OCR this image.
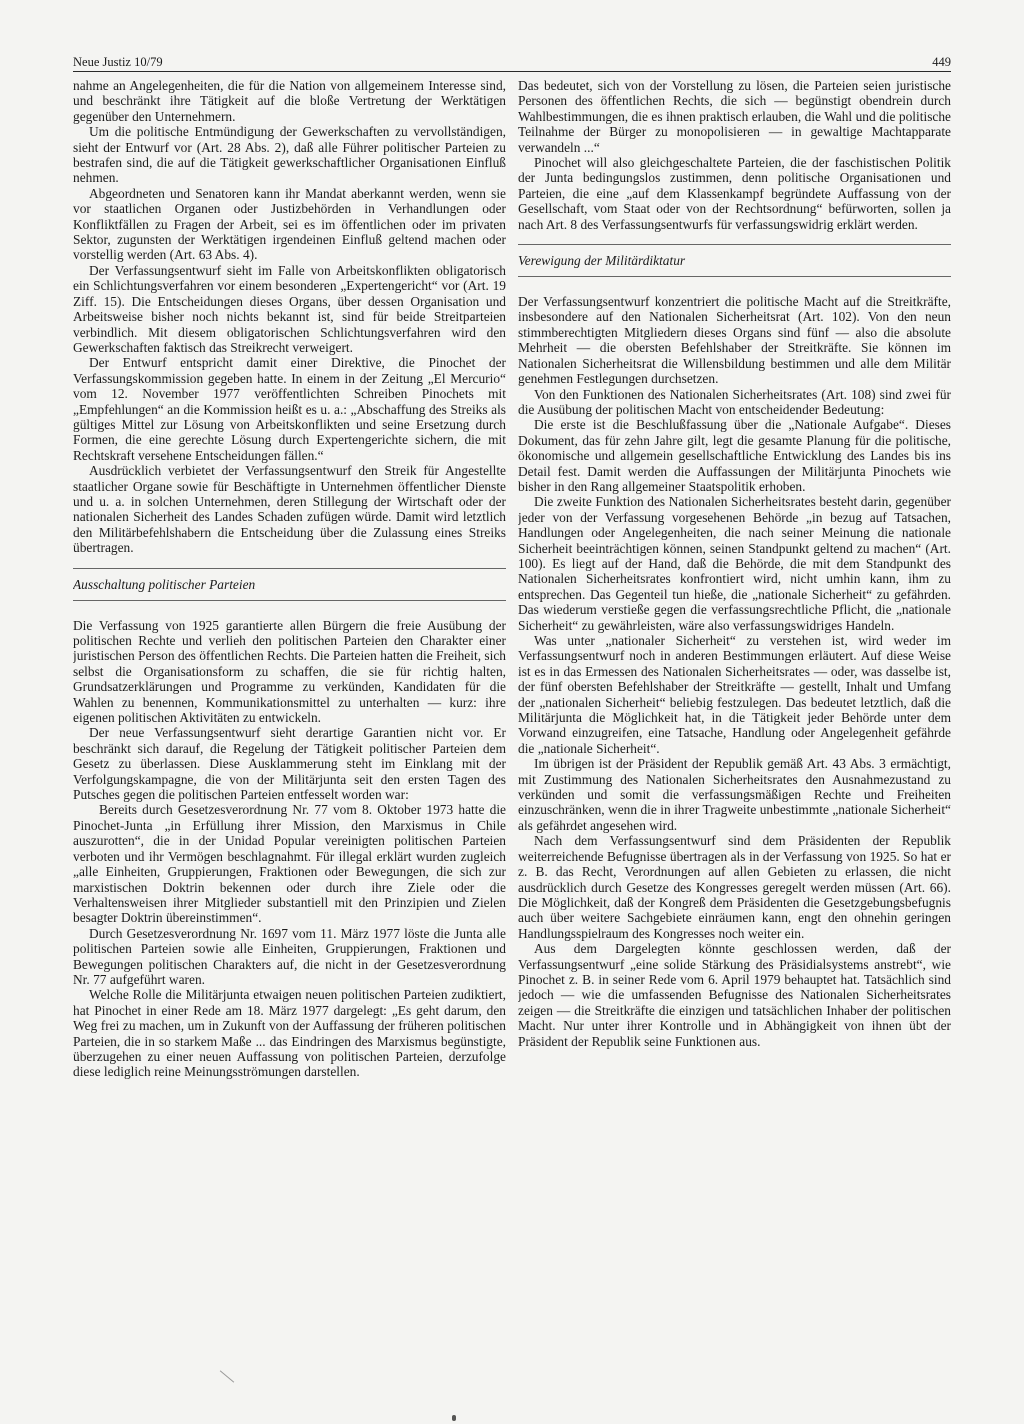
Neue Justiz 10/79	449

nahme an Angelegenheiten, die für die Nation von allgemeinem Interesse sind, und beschränkt ihre Tätigkeit auf die bloße Vertretung der Werktätigen gegenüber den Unternehmern.

Um die politische Entmündigung der Gewerkschaften zu vervollständigen, sieht der Entwurf vor (Art. 28 Abs. 2), daß alle Führer politischer Parteien zu bestrafen sind, die auf die Tätigkeit gewerkschaftlicher Organisationen Einfluß nehmen.

Abgeordneten und Senatoren kann ihr Mandat aberkannt werden, wenn sie vor staatlichen Organen oder Justizbehörden in Verhandlungen oder Konfliktfällen zu Fragen der Arbeit, sei es im öffentlichen oder im privaten Sektor, zugunsten der Werktätigen irgendeinen Einfluß geltend machen oder vorstellig werden (Art. 63 Abs. 4).

Der Verfassungsentwurf sieht im Falle von Arbeitskonflikten obligatorisch ein Schlichtungsverfahren vor einem besonderen „Expertengericht“ vor (Art. 19 Ziff. 15). Die Entscheidungen dieses Organs, über dessen Organisation und Arbeitsweise bisher noch nichts bekannt ist, sind für beide Streitparteien verbindlich. Mit diesem obligatorischen Schlichtungsverfahren wird den Gewerkschaften faktisch das Streikrecht verweigert.

Der Entwurf entspricht damit einer Direktive, die Pinochet der Verfassungskommission gegeben hatte. In einem in der Zeitung „El Mercurio“ vom 12. November 1977 veröffentlichten Schreiben Pinochets mit „Empfehlungen“ an die Kommission heißt es u. a.: „Abschaffung des Streiks als gültiges Mittel zur Lösung von Arbeitskonflikten und seine Ersetzung durch Formen, die eine gerechte Lösung durch Expertengerichte sichern, die mit Rechtskraft versehene Entscheidungen fällen.“

Ausdrücklich verbietet der Verfassungsentwurf den Streik für Angestellte staatlicher Organe sowie für Beschäftigte in Unternehmen öffentlicher Dienste und u. a. in solchen Unternehmen, deren Stillegung der Wirtschaft oder der nationalen Sicherheit des Landes Schaden zufügen würde. Damit wird letztlich den Militärbefehlshabern die Entscheidung über die Zulassung eines Streiks übertragen.

Ausschaltung politischer Parteien

Die Verfassung von 1925 garantierte allen Bürgern die freie Ausübung der politischen Rechte und verlieh den politischen Parteien den Charakter einer juristischen Person des öffentlichen Rechts. Die Parteien hatten die Freiheit, sich selbst die Organisationsform zu schaffen, die sie für richtig halten, Grundsatzerklärungen und Programme zu verkünden, Kandidaten für die Wahlen zu benennen, Kommunikationsmittel zu unterhalten — kurz: ihre eigenen politischen Aktivitäten zu entwickeln.

Der neue Verfassungsentwurf sieht derartige Garantien nicht vor. Er beschränkt sich darauf, die Regelung der Tätigkeit politischer Parteien dem Gesetz zu überlassen. Diese Ausklammerung steht im Einklang mit der Verfolgungskampagne, die von der Militärjunta seit den ersten Tagen des Putsches gegen die politischen Parteien entfesselt worden war:

Bereits durch Gesetzesverordnung Nr. 77 vom 8. Oktober 1973 hatte die Pinochet-Junta „in Erfüllung ihrer Mission, den Marxismus in Chile auszurotten“, die in der Unidad Popular vereinigten politischen Parteien verboten und ihr Vermögen beschlagnahmt. Für illegal erklärt wurden zugleich „alle Einheiten, Gruppierungen, Fraktionen oder Bewegungen, die sich zur marxistischen Doktrin bekennen oder durch ihre Ziele oder die Verhaltensweisen ihrer Mitglieder substantiell mit den Prinzipien und Zielen besagter Doktrin übereinstimmen“.

Durch Gesetzesverordnung Nr. 1697 vom 11. März 1977 löste die Junta alle politischen Parteien sowie alle Einheiten, Gruppierungen, Fraktionen und Bewegungen politischen Charakters auf, die nicht in der Gesetzesverordnung Nr. 77 aufgeführt waren.

Welche Rolle die Militärjunta etwaigen neuen politischen Parteien zudiktiert, hat Pinochet in einer Rede am 18. März 1977 dargelegt: „Es geht darum, den Weg frei zu machen, um in Zukunft von der Auffassung der früheren politischen Parteien, die in so starkem Maße ... das Eindringen des Marxismus begünstigte, überzugehen zu einer neuen Auffassung von politischen Parteien, derzufolge diese lediglich reine Meinungsströmungen darstellen.

Das bedeutet, sich von der Vorstellung zu lösen, die Parteien seien juristische Personen des öffentlichen Rechts, die sich — begünstigt obendrein durch Wahlbestimmungen, die es ihnen praktisch erlauben, die Wahl und die politische Teilnahme der Bürger zu monopolisieren — in gewaltige Machtapparate verwandeln ...“

Pinochet will also gleichgeschaltete Parteien, die der faschistischen Politik der Junta bedingungslos zustimmen, denn politische Organisationen und Parteien, die eine „auf dem Klassenkampf begründete Auffassung von der Gesellschaft, vom Staat oder von der Rechtsordnung“ befürworten, sollen ja nach Art. 8 des Verfassungsentwurfs für verfassungswidrig erklärt werden.

Verewigung der Militärdiktatur

Der Verfassungsentwurf konzentriert die politische Macht auf die Streitkräfte, insbesondere auf den Nationalen Sicherheitsrat (Art. 102). Von den neun stimmberechtigten Mitgliedern dieses Organs sind fünf — also die absolute Mehrheit — die obersten Befehlshaber der Streitkräfte. Sie können im Nationalen Sicherheitsrat die Willensbildung bestimmen und alle dem Militär genehmen Festlegungen durchsetzen.

Von den Funktionen des Nationalen Sicherheitsrates (Art. 108) sind zwei für die Ausübung der politischen Macht von entscheidender Bedeutung:

Die erste ist die Beschlußfassung über die „Nationale Aufgabe“. Dieses Dokument, das für zehn Jahre gilt, legt die gesamte Planung für die politische, ökonomische und allgemein gesellschaftliche Entwicklung des Landes bis ins Detail fest. Damit werden die Auffassungen der Militärjunta Pinochets wie bisher in den Rang allgemeiner Staatspolitik erhoben.

Die zweite Funktion des Nationalen Sicherheitsrates besteht darin, gegenüber jeder von der Verfassung vorgesehenen Behörde „in bezug auf Tatsachen, Handlungen oder Angelegenheiten, die nach seiner Meinung die nationale Sicherheit beeinträchtigen können, seinen Standpunkt geltend zu machen“ (Art. 100). Es liegt auf der Hand, daß die Behörde, die mit dem Standpunkt des Nationalen Sicherheitsrates konfrontiert wird, nicht umhin kann, ihm zu entsprechen. Das Gegenteil tun hieße, die „nationale Sicherheit“ zu gefährden. Das wiederum verstieße gegen die verfassungsrechtliche Pflicht, die „nationale Sicherheit“ zu gewährleisten, wäre also verfassungswidriges Handeln.

Was unter „nationaler Sicherheit“ zu verstehen ist, wird weder im Verfassungsentwurf noch in anderen Bestimmungen erläutert. Auf diese Weise ist es in das Ermessen des Nationalen Sicherheitsrates — oder, was dasselbe ist, der fünf obersten Befehlshaber der Streitkräfte — gestellt, Inhalt und Umfang der „nationalen Sicherheit“ beliebig festzulegen. Das bedeutet letztlich, daß die Militärjunta die Möglichkeit hat, in die Tätigkeit jeder Behörde unter dem Vorwand einzugreifen, eine Tatsache, Handlung oder Angelegenheit gefährde die „nationale Sicherheit“.

Im übrigen ist der Präsident der Republik gemäß Art. 43 Abs. 3 ermächtigt, mit Zustimmung des Nationalen Sicherheitsrates den Ausnahmezustand zu verkünden und somit die verfassungsmäßigen Rechte und Freiheiten einzuschränken, wenn die in ihrer Tragweite unbestimmte „nationale Sicherheit“ als gefährdet angesehen wird.

Nach dem Verfassungsentwurf sind dem Präsidenten der Republik weiterreichende Befugnisse übertragen als in der Verfassung von 1925. So hat er z. B. das Recht, Verordnungen auf allen Gebieten zu erlassen, die nicht ausdrücklich durch Gesetze des Kongresses geregelt werden müssen (Art. 66). Die Möglichkeit, daß der Kongreß dem Präsidenten die Gesetzgebungsbefugnis auch über weitere Sachgebiete einräumen kann, engt den ohnehin geringen Handlungsspielraum des Kongresses noch weiter ein.

Aus dem Dargelegten könnte geschlossen werden, daß der Verfassungsentwurf „eine solide Stärkung des Präsidialsystems anstrebt“, wie Pinochet z. B. in seiner Rede vom 6. April 1979 behauptet hat. Tatsächlich sind jedoch — wie die umfassenden Befugnisse des Nationalen Sicherheitsrates zeigen — die Streitkräfte die einzigen und tatsächlichen Inhaber der politischen Macht. Nur unter ihrer Kontrolle und in Abhängigkeit von ihnen übt der Präsident der Republik seine Funktionen aus.
